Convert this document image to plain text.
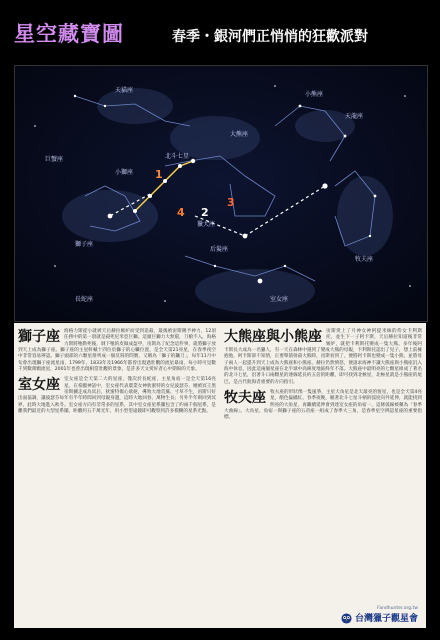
星空藏寶圖	春季・銀河們正悄悄的狂歡派對
天貓座
大熊座
小熊座
天龍座
巨蟹座
小獅座
獅子座
獵犬座
北斗七星
后髮座
牧夫座
室女座
長蛇座
1
2
3
4
獅子座 海格力斯從小就被天后赫拉嫉妒而受到追殺，最後被宙斯賜予神力，12項任務中的第一項就是殺死尼米亞巨獅。這頭巨獅力大無窮，刀槍不入，海格力斯將牠勒死後，剝下牠的皮做成盔甲，宙斯為了紀念這件事，就將獅子放到天上成為獅子座。獅子座的主星軒轅十四位於獅子的心臟位置，是全天第21亮星，在春季夜空中非常容易辨認。獅子頭部的六顆星排列成一個反寫的問號，又稱為「獅子的鐮刀」，每年11月中旬會出現獅子座流星雨，1799年、1833年及1966年都曾出現過壯觀的流星暴雨，每小時可見數千到數萬顆流星，2001年也曾出現相當壯觀的景象，是許多天文愛好者心中期盼的天象。
室女座 室女座是全天第二大的星座，僅次於長蛇座，主星角宿一是全天第16亮星。在希臘神話中，室女座代表農業女神狄蜜特的女兒波瑟芬，她被冥王黑帝斯擄走成為冥后，狄蜜特傷心欲絕，導致大地荒蕪、寸草不生，宙斯只好出面協調，讓波瑟芬每年有半年時間回到母親身邊，這時大地回春、萬物生長；另外半年則回到冥界，此時大地進入秋冬。室女座方向有非常多的星系，其中室女座星系團包含了約兩千個星系，是離我們最近的大型星系團，距離約五千萬光年，用小型望遠鏡即可觀察到許多模糊的星系光點。
大熊座與小熊座 宙斯愛上了月神女神阿提米絲的侍女卡利斯托，並生下一子阿卡斯，天后赫拉知道後非常嫉妒，就把卡利斯托變成一隻大熊。多年後阿卡斯長大成為一名獵人，有一天在森林中遇到了變成大熊的母親，卡利斯托認出了兒子，想上前擁抱他，阿卡斯卻不知情，正要舉箭射殺大熊時，宙斯看到了，便將阿卡斯也變成一隻小熊，並將母子兩人一起提升到天上成為大熊座和小熊座。赫拉仍然憤怒，便請求海神不讓大熊座與小熊座沉入海中休息，因此這兩個星座在北半球中高緯度地區終年不落。大熊座中最明亮的七顆星組成了著名的北斗七星，沿著斗口兩顆星的連線延長約五倍的距離，即可找到北極星，北極星就是小熊座的尾巴，是古代航海者重要的方向指引。
牧夫座 牧夫座的形狀像一隻風箏，主星大角星是北天最亮的恆星，也是全天第4亮星，顏色偏橘紅。春季夜晚，順著北斗七星斗柄的弧度向外延伸，就能找到明亮的大角星，再繼續延伸會到達室女座的角宿一，這條弧線被稱為「春季大曲線」。大角星、角宿一與獅子座的五帝座一組成了春季大三角，是春季星空辨認星座的重要指標。
Fandhunter.org.tw
台灣獵子觀星會
